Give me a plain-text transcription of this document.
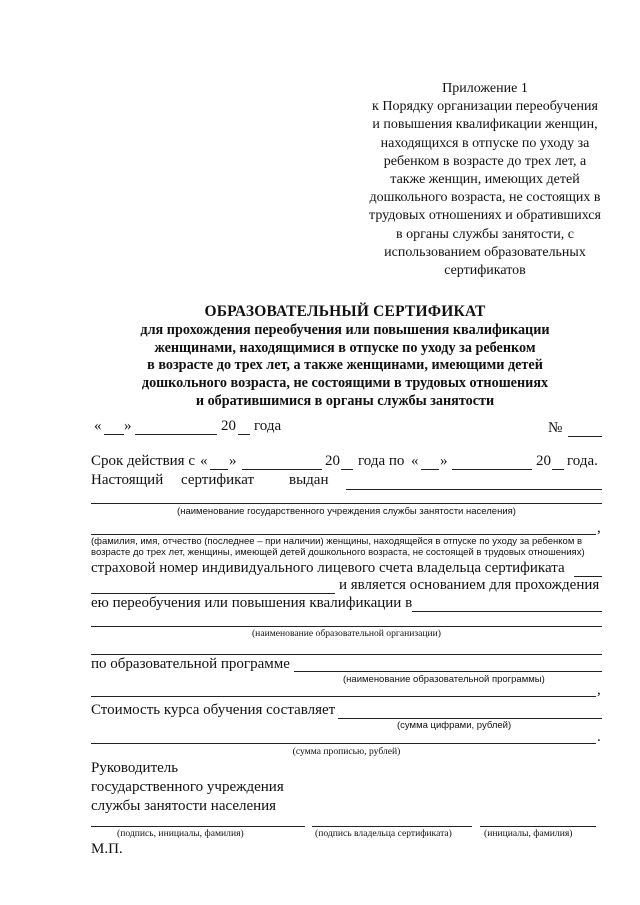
Приложение 1
к Порядку организации переобучения
и повышения квалификации женщин,
находящихся в отпуске по уходу за
ребенком в возрасте до трех лет, а
также женщин, имеющих детей
дошкольного возраста, не состоящих в
трудовых отношениях и обратившихся
в органы службы занятости, с
использованием образовательных
сертификатов
ОБРАЗОВАТЕЛЬНЫЙ СЕРТИФИКАТ
для прохождения переобучения или повышения квалификации
женщинами, находящимися в отпуске по уходу за ребенком
в возрасте до трех лет, а также женщинами, имеющими детей
дошкольного возраста, не состоящими в трудовых отношениях
и обратившимися в органы службы занятости
« »	20 года	№
Срок действия с « »	20 года по « »	20 года.
Настоящий сертификат выдан
(наименование государственного учреждения службы занятости населения)
,
(фамилия, имя, отчество (последнее – при наличии) женщины, находящейся в отпуске по уходу за ребенком в
возрасте до трех лет, женщины, имеющей детей дошкольного возраста, не состоящей в трудовых отношениях)
страховой номер индивидуального лицевого счета владельца сертификата
и является основанием для прохождения
ею переобучения или повышения квалификации в
(наименование образовательной организации)
по образовательной программе
(наименование образовательной программы)
,
Стоимость курса обучения составляет
(сумма цифрами, рублей)
.
(сумма прописью, рублей)
Руководитель
государственного учреждения
службы занятости населения
(подпись, инициалы, фамилия)	(подпись владельца сертификата)	(инициалы, фамилия)
М.П.
